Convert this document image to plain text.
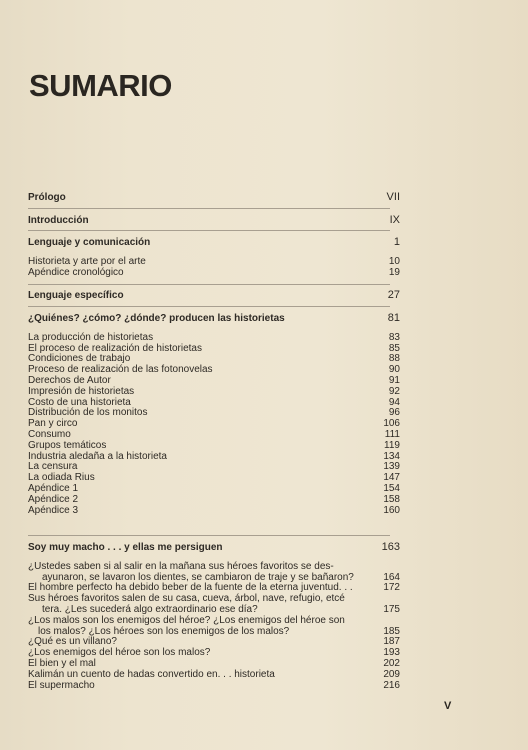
SUMARIO
Prólogo	VII
Introducción	IX
Lenguaje y comunicación	1
Historieta y arte por el arte	10
Apéndice cronológico	19
Lenguaje específico	27
¿Quiénes? ¿cómo? ¿dónde? producen las historietas	81
La producción de historietas	83
El proceso de realización de historietas	85
Condiciones de trabajo	88
Proceso de realización de las fotonovelas	90
Derechos de Autor	91
Impresión de historietas	92
Costo de una historieta	94
Distribución de los monitos	96
Pan y circo	106
Consumo	111
Grupos temáticos	119
Industria aledaña a la historieta	134
La censura	139
La odiada Rius	147
Apéndice 1	154
Apéndice 2	158
Apéndice 3	160
Soy muy macho . . . y ellas me persiguen	163
¿Ustedes saben si al salir en la mañana sus héroes favoritos se des-
ayunaron, se lavaron los dientes, se cambiaron de traje y se bañaron?	164
El hombre perfecto ha debido beber de la fuente de la eterna juventud. . .	172
Sus héroes favoritos salen de su casa, cueva, árbol, nave, refugio, etcé
tera. ¿Les sucederá algo extraordinario ese día?	175
¿Los malos son los enemigos del héroe? ¿Los enemigos del héroe son
los malos? ¿Los héroes son los enemigos de los malos?	185
¿Qué es un villano?	187
¿Los enemigos del héroe son los malos?	193
El bien y el mal	202
Kalimán un cuento de hadas convertido en. . . historieta	209
El supermacho	216
V
